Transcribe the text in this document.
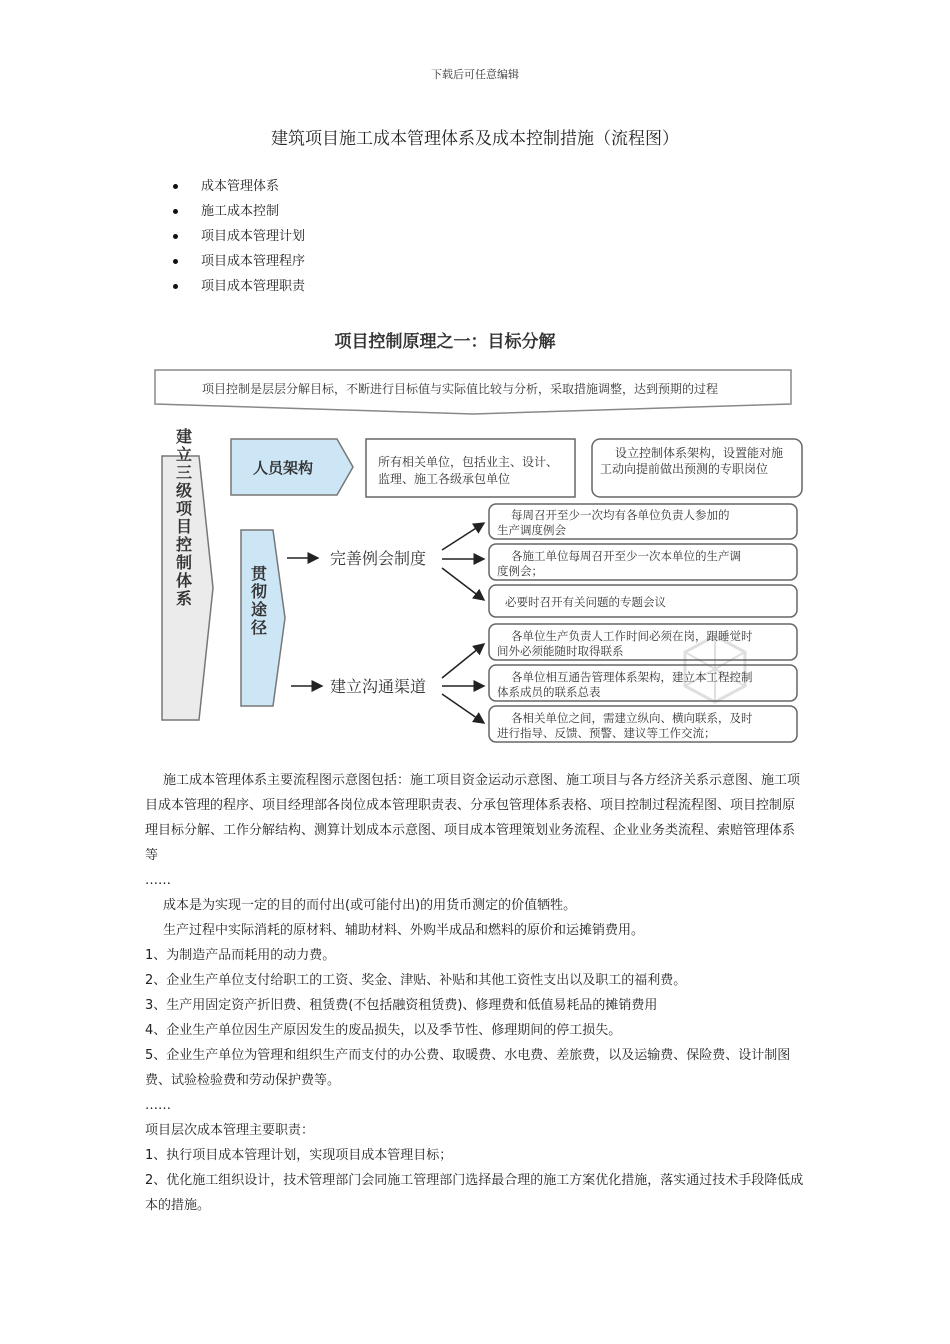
下载后可任意编辑
建筑项目施工成本管理体系及成本控制措施（流程图）
成本管理体系
施工成本控制
项目成本管理计划
项目成本管理程序
项目成本管理职责
项目控制原理之一：目标分解
项目控制是层层分解目标，不断进行目标值与实际值比较与分析，采取措施调整，达到预期的过程
建立三级项目控制体系	人员架构	所有相关单位，包括业主、设计、
监理、施工各级承包单位
设立控制体系架构，设置能对施
工动向提前做出预测的专职岗位
贯彻途径
完善例会制度
建立沟通渠道
每周召开至少一次均有各单位负责人参加的
生产调度例会
各施工单位每周召开至少一次本单位的生产调
度例会；
必要时召开有关问题的专题会议
各单位生产负责人工作时间必须在岗，跟睡觉时
间外必须能随时取得联系
各单位相互通告管理体系架构，建立本工程控制
体系成员的联系总表
各相关单位之间，需建立纵向、横向联系，及时
进行指导、反馈、预警、建议等工作交流；

施工成本管理体系主要流程图示意图包括：施工项目资金运动示意图、施工项目与各方经济关系示意图、施工项目成本管理的程序、项目经理部各岗位成本管理职责表、分承包管理体系表格、项目控制过程流程图、项目控制原理目标分解、工作分解结构、测算计划成本示意图、项目成本管理策划业务流程、企业业务类流程、索赔管理体系等

……

成本是为实现一定的目的而付出(或可能付出)的用货币测定的价值牺牲。

生产过程中实际消耗的原材料、辅助材料、外购半成品和燃料的原价和运摊销费用。

1、为制造产品而耗用的动力费。

2、企业生产单位支付给职工的工资、奖金、津贴、补贴和其他工资性支出以及职工的福利费。

3、生产用固定资产折旧费、租赁费(不包括融资租赁费)、修理费和低值易耗品的摊销费用

4、企业生产单位因生产原因发生的废品损失，以及季节性、修理期间的停工损失。

5、企业生产单位为管理和组织生产而支付的办公费、取暖费、水电费、差旅费，以及运输费、保险费、设计制图费、试验检验费和劳动保护费等。

……

项目层次成本管理主要职责：

1、执行项目成本管理计划，实现项目成本管理目标；

2、优化施工组织设计，技术管理部门会同施工管理部门选择最合理的施工方案优化措施，落实通过技术手段降低成本的措施。
